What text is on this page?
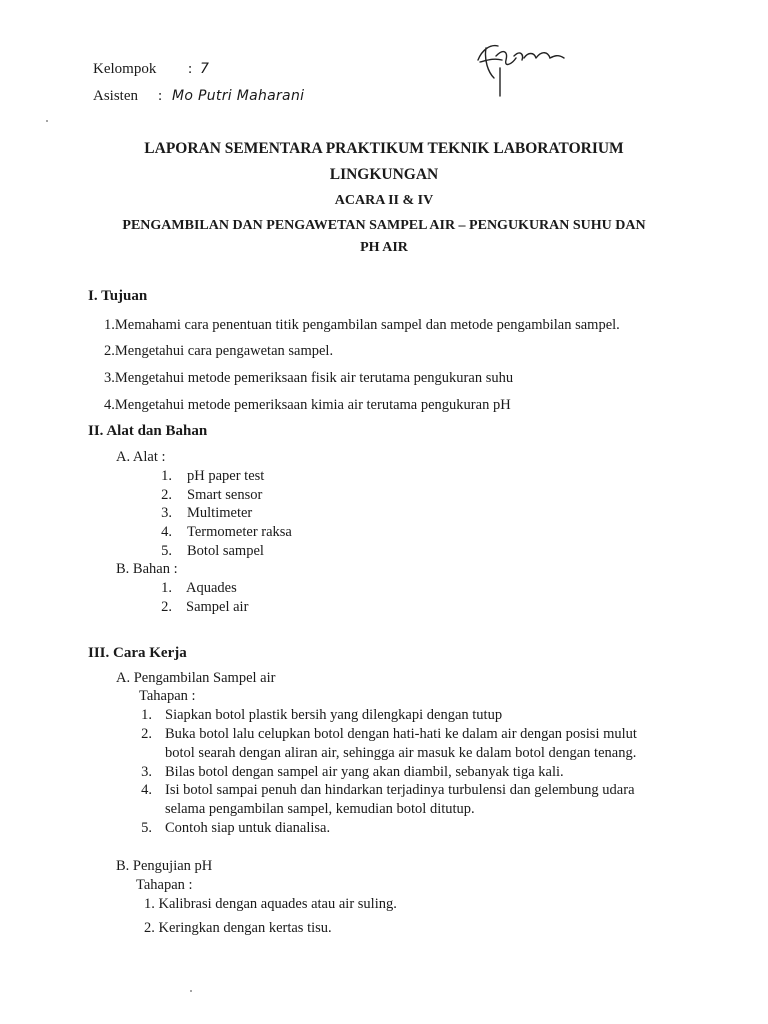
Kelompok : 7
Asisten : Mo Putri Maharani
LAPORAN SEMENTARA PRAKTIKUM TEKNIK LABORATORIUM
LINGKUNGAN
ACARA II & IV
PENGAMBILAN DAN PENGAWETAN SAMPEL AIR – PENGUKURAN SUHU DAN
PH AIR
I. Tujuan
1.Memahami cara penentuan titik pengambilan sampel dan metode pengambilan sampel.
2.Mengetahui cara pengawetan sampel.
3.Mengetahui metode pemeriksaan fisik air terutama pengukuran suhu
4.Mengetahui metode pemeriksaan kimia air terutama pengukuran pH
II. Alat dan Bahan
A. Alat :
1. pH paper test
2. Smart sensor
3. Multimeter
4. Termometer raksa
5. Botol sampel
B. Bahan :
1. Aquades
2. Sampel air
III. Cara Kerja
A. Pengambilan Sampel air
Tahapan :
1. Siapkan botol plastik bersih yang dilengkapi dengan tutup
2. Buka botol lalu celupkan botol dengan hati-hati ke dalam air dengan posisi mulut
botol searah dengan aliran air, sehingga air masuk ke dalam botol dengan tenang.
3. Bilas botol dengan sampel air yang akan diambil, sebanyak tiga kali.
4. Isi botol sampai penuh dan hindarkan terjadinya turbulensi dan gelembung udara
selama pengambilan sampel, kemudian botol ditutup.
5. Contoh siap untuk dianalisa.
B. Pengujian pH
Tahapan :
1. Kalibrasi dengan aquades atau air suling.
2. Keringkan dengan kertas tisu.
